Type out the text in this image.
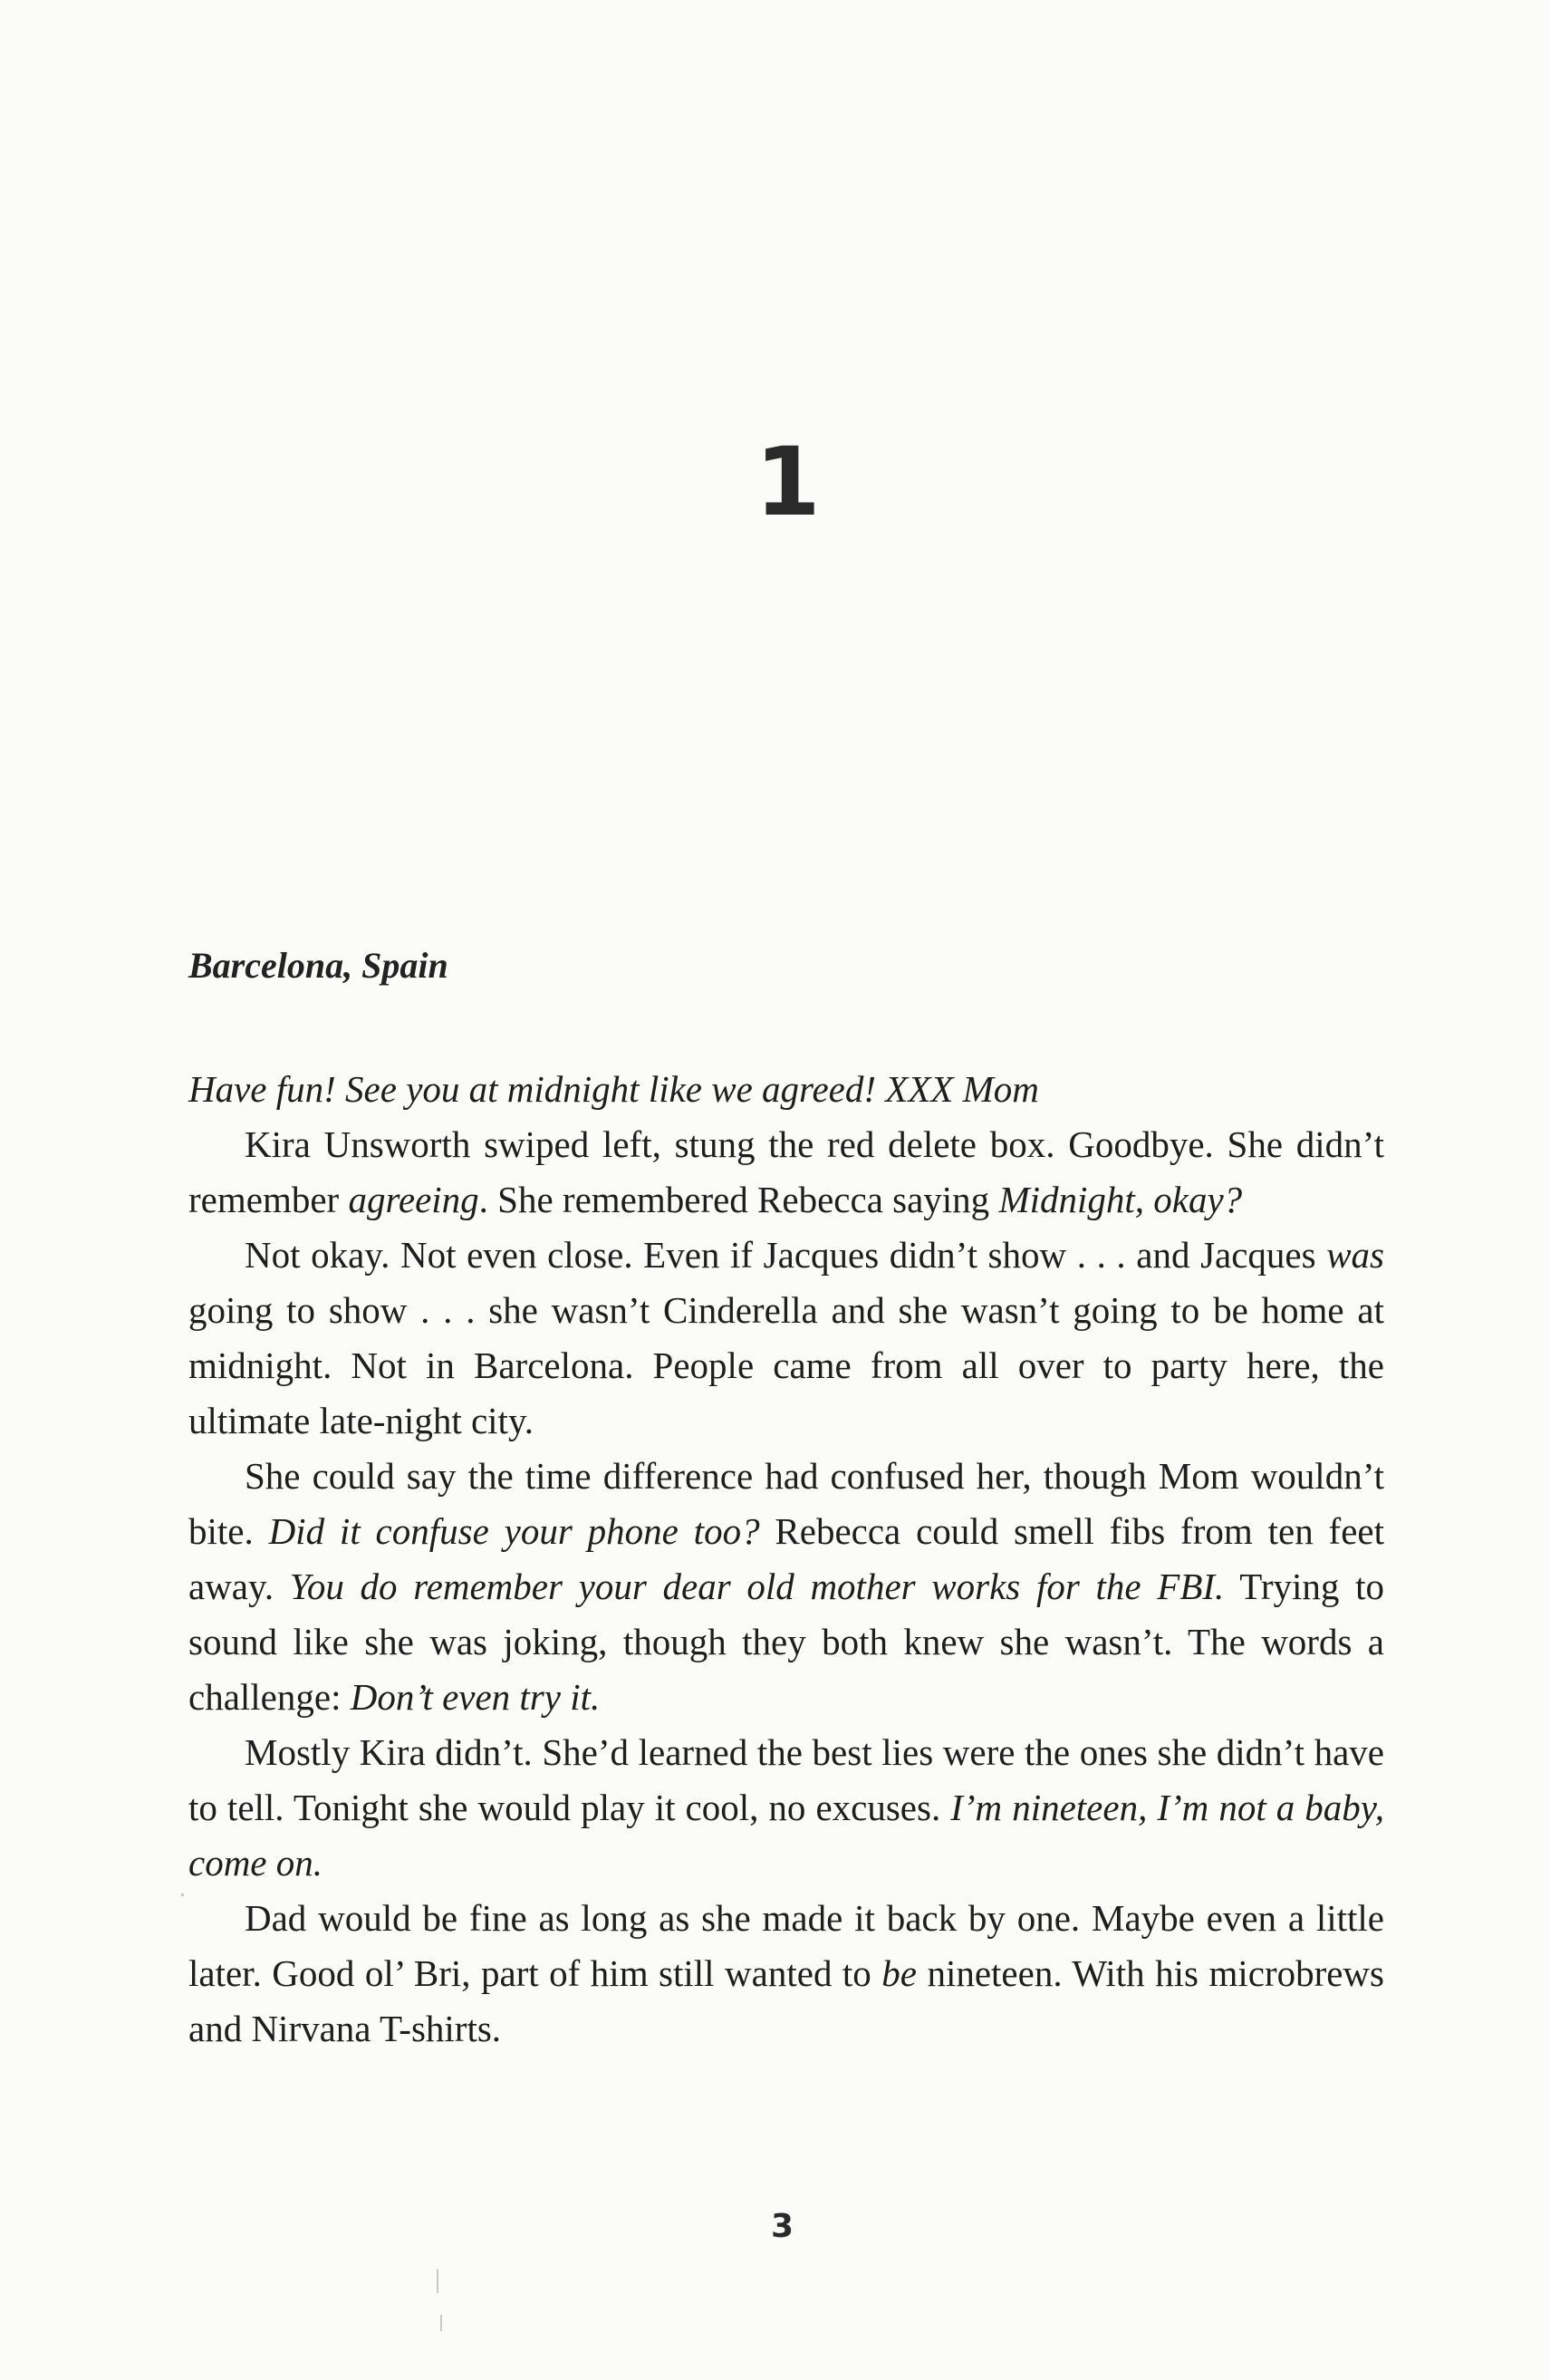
1
Barcelona, Spain

Have fun! See you at midnight like we agreed! XXX Mom

Kira Unsworth swiped left, stung the red delete box. Goodbye. She didn’t remember agreeing. She remembered Rebecca saying Midnight, okay?

Not okay. Not even close. Even if Jacques didn’t show . . . and Jacques was going to show . . . she wasn’t Cinderella and she wasn’t going to be home at midnight. Not in Barcelona. People came from all over to party here, the ultimate late-night city.

She could say the time difference had confused her, though Mom wouldn’t bite. Did it confuse your phone too? Rebecca could smell fibs from ten feet away. You do remember your dear old mother works for the FBI. Trying to sound like she was joking, though they both knew she wasn’t. The words a challenge: Don’t even try it.

Mostly Kira didn’t. She’d learned the best lies were the ones she didn’t have to tell. Tonight she would play it cool, no excuses. I’m nineteen, I’m not a baby, come on.

Dad would be fine as long as she made it back by one. Maybe even a little later. Good ol’ Bri, part of him still wanted to be nineteen. With his microbrews and Nirvana T-shirts.

3
